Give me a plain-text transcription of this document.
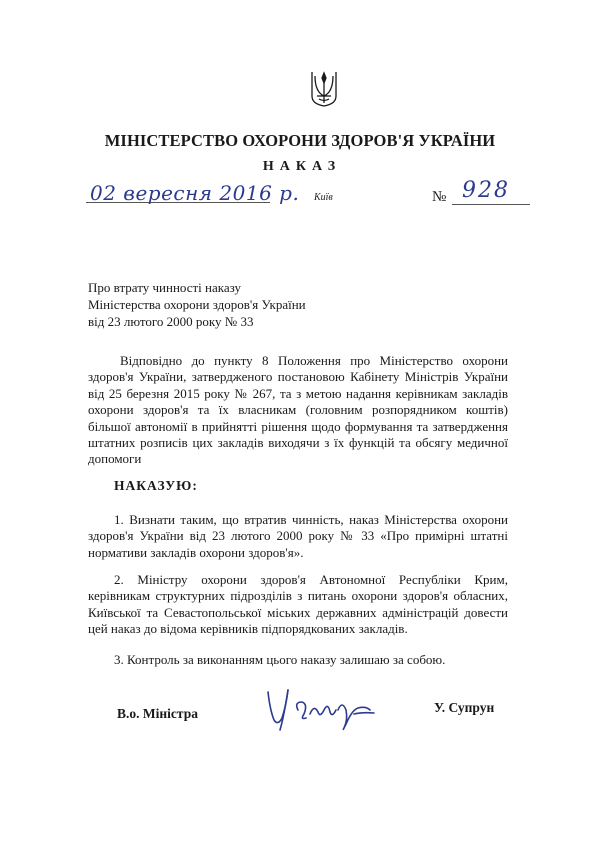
МІНІСТЕРСТВО ОХОРОНИ ЗДОРОВ'Я УКРАЇНИ
НАКАЗ
02 вересня 2016 р. Київ	№ 928
Про втрату чинності наказу
Міністерства охорони здоров'я України
від 23 лютого 2000 року № 33
Відповідно до пункту 8 Положення про Міністерство охорони здоров'я України, затвердженого постановою Кабінету Міністрів України від 25 березня 2015 року № 267, та з метою надання керівникам закладів охорони здоров'я та їх власникам (головним розпорядником коштів) більшої автономії в прийнятті рішення щодо формування та затвердження штатних розписів цих закладів виходячи з їх функцій та обсягу медичної допомоги
НАКАЗУЮ:
1. Визнати таким, що втратив чинність, наказ Міністерства охорони здоров'я України від 23 лютого 2000 року № 33 «Про примірні штатні нормативи закладів охорони здоров'я».
2. Міністру охорони здоров'я Автономної Республіки Крим, керівникам структурних підрозділів з питань охорони здоров'я обласних, Київської та Севастопольської міських державних адміністрацій довести цей наказ до відома керівників підпорядкованих закладів.
3. Контроль за виконанням цього наказу залишаю за собою.
В.о. Міністра	У. Супрун
